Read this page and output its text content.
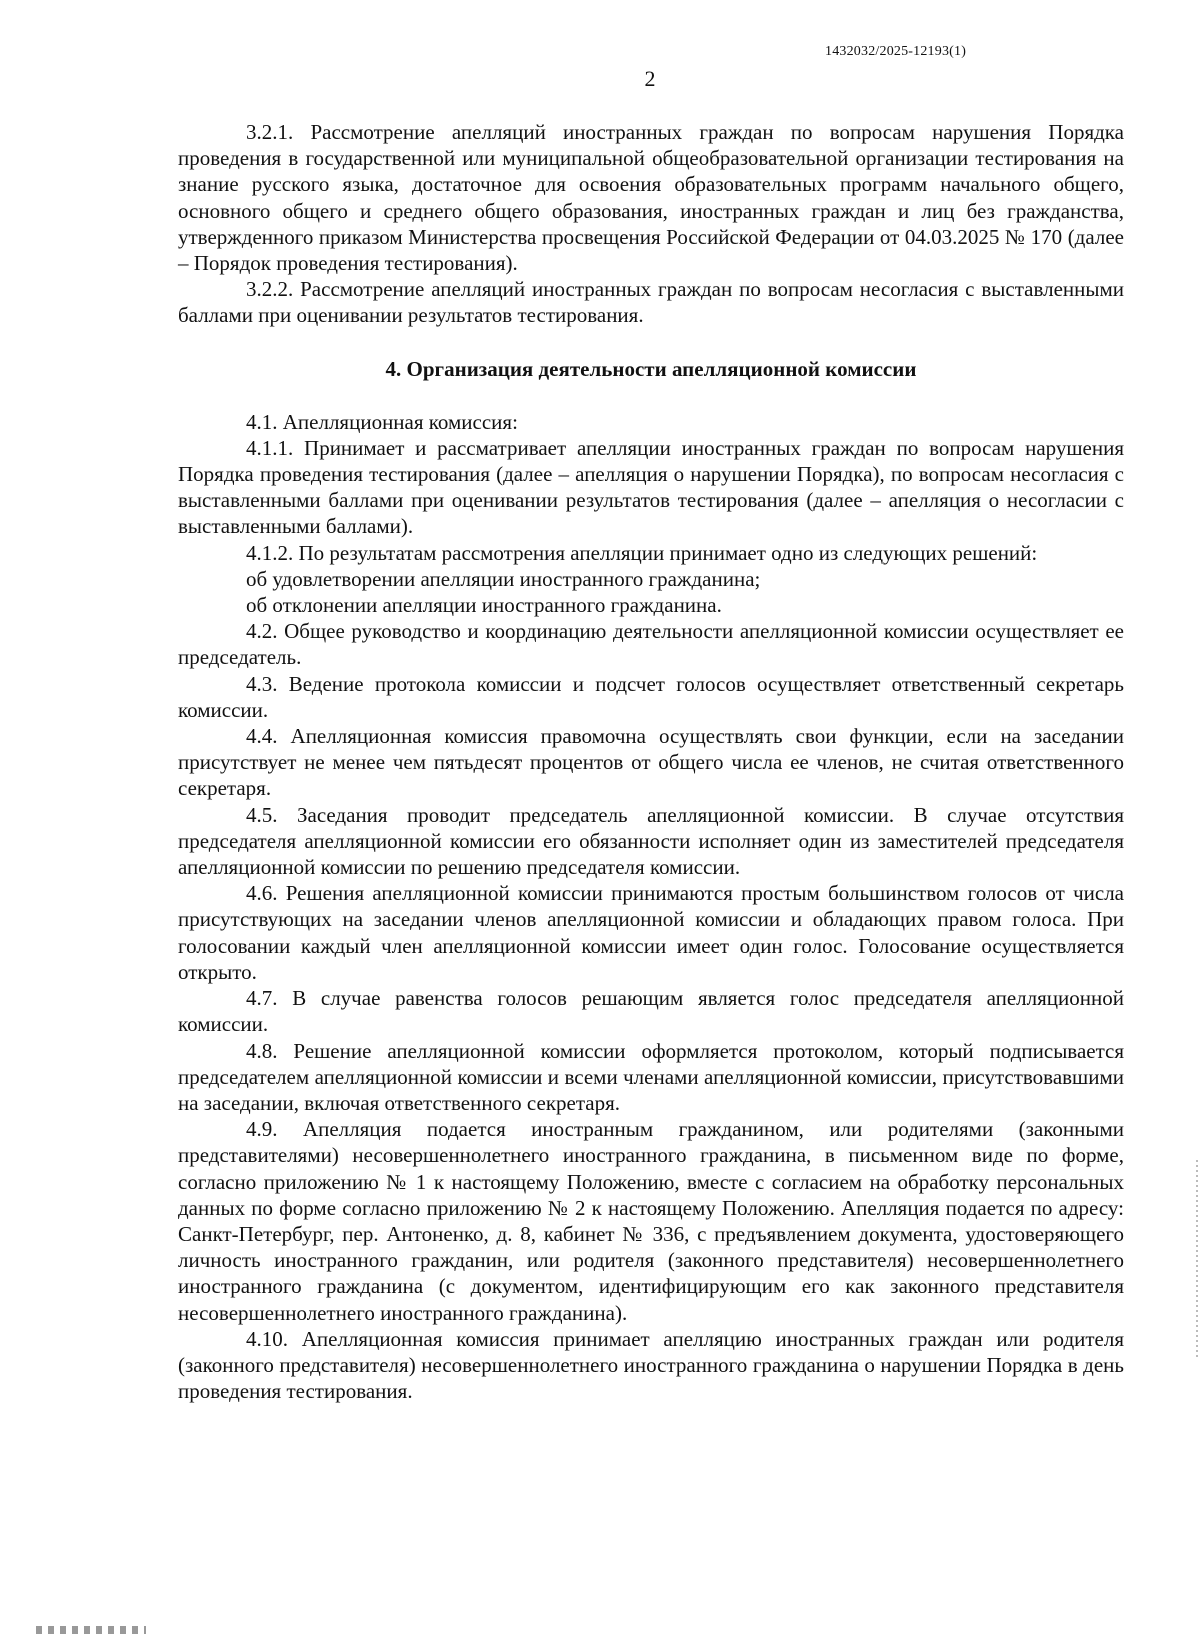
1432032/2025-12193(1)
2

3.2.1. Рассмотрение апелляций иностранных граждан по вопросам нарушения Порядка проведения в государственной или муниципальной общеобразовательной организации тестирования на знание русского языка, достаточное для освоения образовательных программ начального общего, основного общего и среднего общего образования, иностранных граждан и лиц без гражданства, утвержденного приказом Министерства просвещения Российской Федерации от 04.03.2025 № 170 (далее – Порядок проведения тестирования).

3.2.2. Рассмотрение апелляций иностранных граждан по вопросам несогласия с выставленными баллами при оценивании результатов тестирования.

4. Организация деятельности апелляционной комиссии

4.1. Апелляционная комиссия:

4.1.1. Принимает и рассматривает апелляции иностранных граждан по вопросам нарушения Порядка проведения тестирования (далее – апелляция о нарушении Порядка), по вопросам несогласия с выставленными баллами при оценивании результатов тестирования (далее – апелляция о несогласии с выставленными баллами).

4.1.2. По результатам рассмотрения апелляции принимает одно из следующих решений:

об удовлетворении апелляции иностранного гражданина;

об отклонении апелляции иностранного гражданина.

4.2. Общее руководство и координацию деятельности апелляционной комиссии осуществляет ее председатель.

4.3. Ведение протокола комиссии и подсчет голосов осуществляет ответственный секретарь комиссии.

4.4. Апелляционная комиссия правомочна осуществлять свои функции, если на заседании присутствует не менее чем пятьдесят процентов от общего числа ее членов, не считая ответственного секретаря.

4.5. Заседания проводит председатель апелляционной комиссии. В случае отсутствия председателя апелляционной комиссии его обязанности исполняет один из заместителей председателя апелляционной комиссии по решению председателя комиссии.

4.6. Решения апелляционной комиссии принимаются простым большинством голосов от числа присутствующих на заседании членов апелляционной комиссии и обладающих правом голоса. При голосовании каждый член апелляционной комиссии имеет один голос. Голосование осуществляется открыто.

4.7. В случае равенства голосов решающим является голос председателя апелляционной комиссии.

4.8. Решение апелляционной комиссии оформляется протоколом, который подписывается председателем апелляционной комиссии и всеми членами апелляционной комиссии, присутствовавшими на заседании, включая ответственного секретаря.

4.9. Апелляция подается иностранным гражданином, или родителями (законными представителями) несовершеннолетнего иностранного гражданина, в письменном виде по форме, согласно приложению № 1 к настоящему Положению, вместе с согласием на обработку персональных данных по форме согласно приложению № 2 к настоящему Положению. Апелляция подается по адресу: Санкт-Петербург, пер. Антоненко, д. 8, кабинет № 336, с предъявлением документа, удостоверяющего личность иностранного гражданин, или родителя (законного представителя) несовершеннолетнего иностранного гражданина (с документом, идентифицирующим его как законного представителя несовершеннолетнего иностранного гражданина).

4.10. Апелляционная комиссия принимает апелляцию иностранных граждан или родителя (законного представителя) несовершеннолетнего иностранного гражданина о нарушении Порядка в день проведения тестирования.
